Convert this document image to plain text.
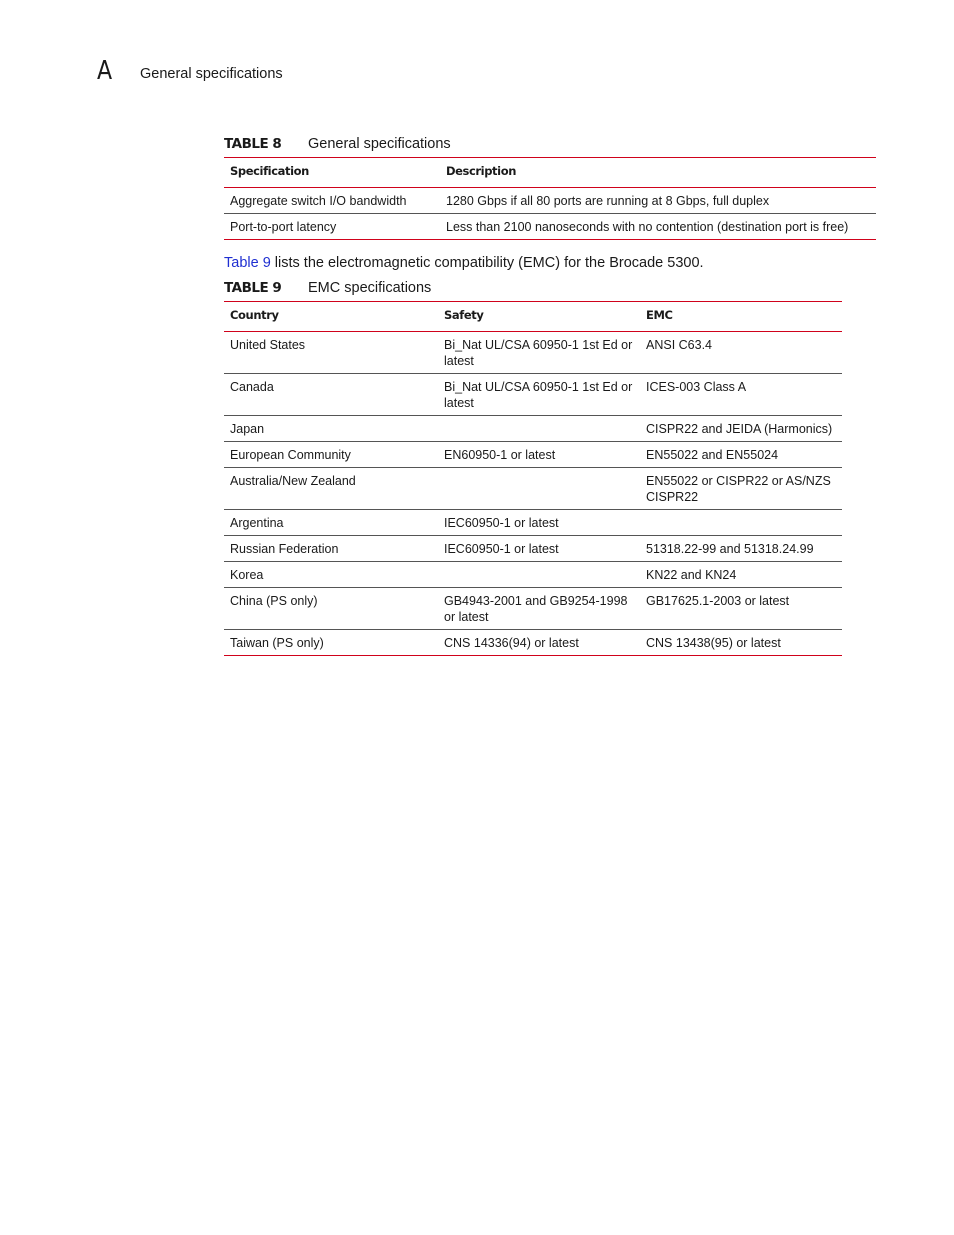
A General specifications
TABLE 8 General specifications
Specification	Description
Aggregate switch I/O bandwidth	1280 Gbps if all 80 ports are running at 8 Gbps, full duplex
Port-to-port latency	Less than 2100 nanoseconds with no contention (destination port is free)
Table 9 lists the electromagnetic compatibility (EMC) for the Brocade 5300.
TABLE 9 EMC specifications
Country	Safety	EMC
United States	Bi_Nat UL/CSA 60950-1 1st Ed or latest	ANSI C63.4
Canada	Bi_Nat UL/CSA 60950-1 1st Ed or latest	ICES-003 Class A
Japan		CISPR22 and JEIDA (Harmonics)
European Community	EN60950-1 or latest	EN55022 and EN55024
Australia/New Zealand		EN55022 or CISPR22 or AS/NZS CISPR22
Argentina	IEC60950-1 or latest	
Russian Federation	IEC60950-1 or latest	51318.22-99 and 51318.24.99
Korea		KN22 and KN24
China (PS only)	GB4943-2001 and GB9254-1998 or latest	GB17625.1-2003 or latest
Taiwan (PS only)	CNS 14336(94) or latest	CNS 13438(95) or latest
